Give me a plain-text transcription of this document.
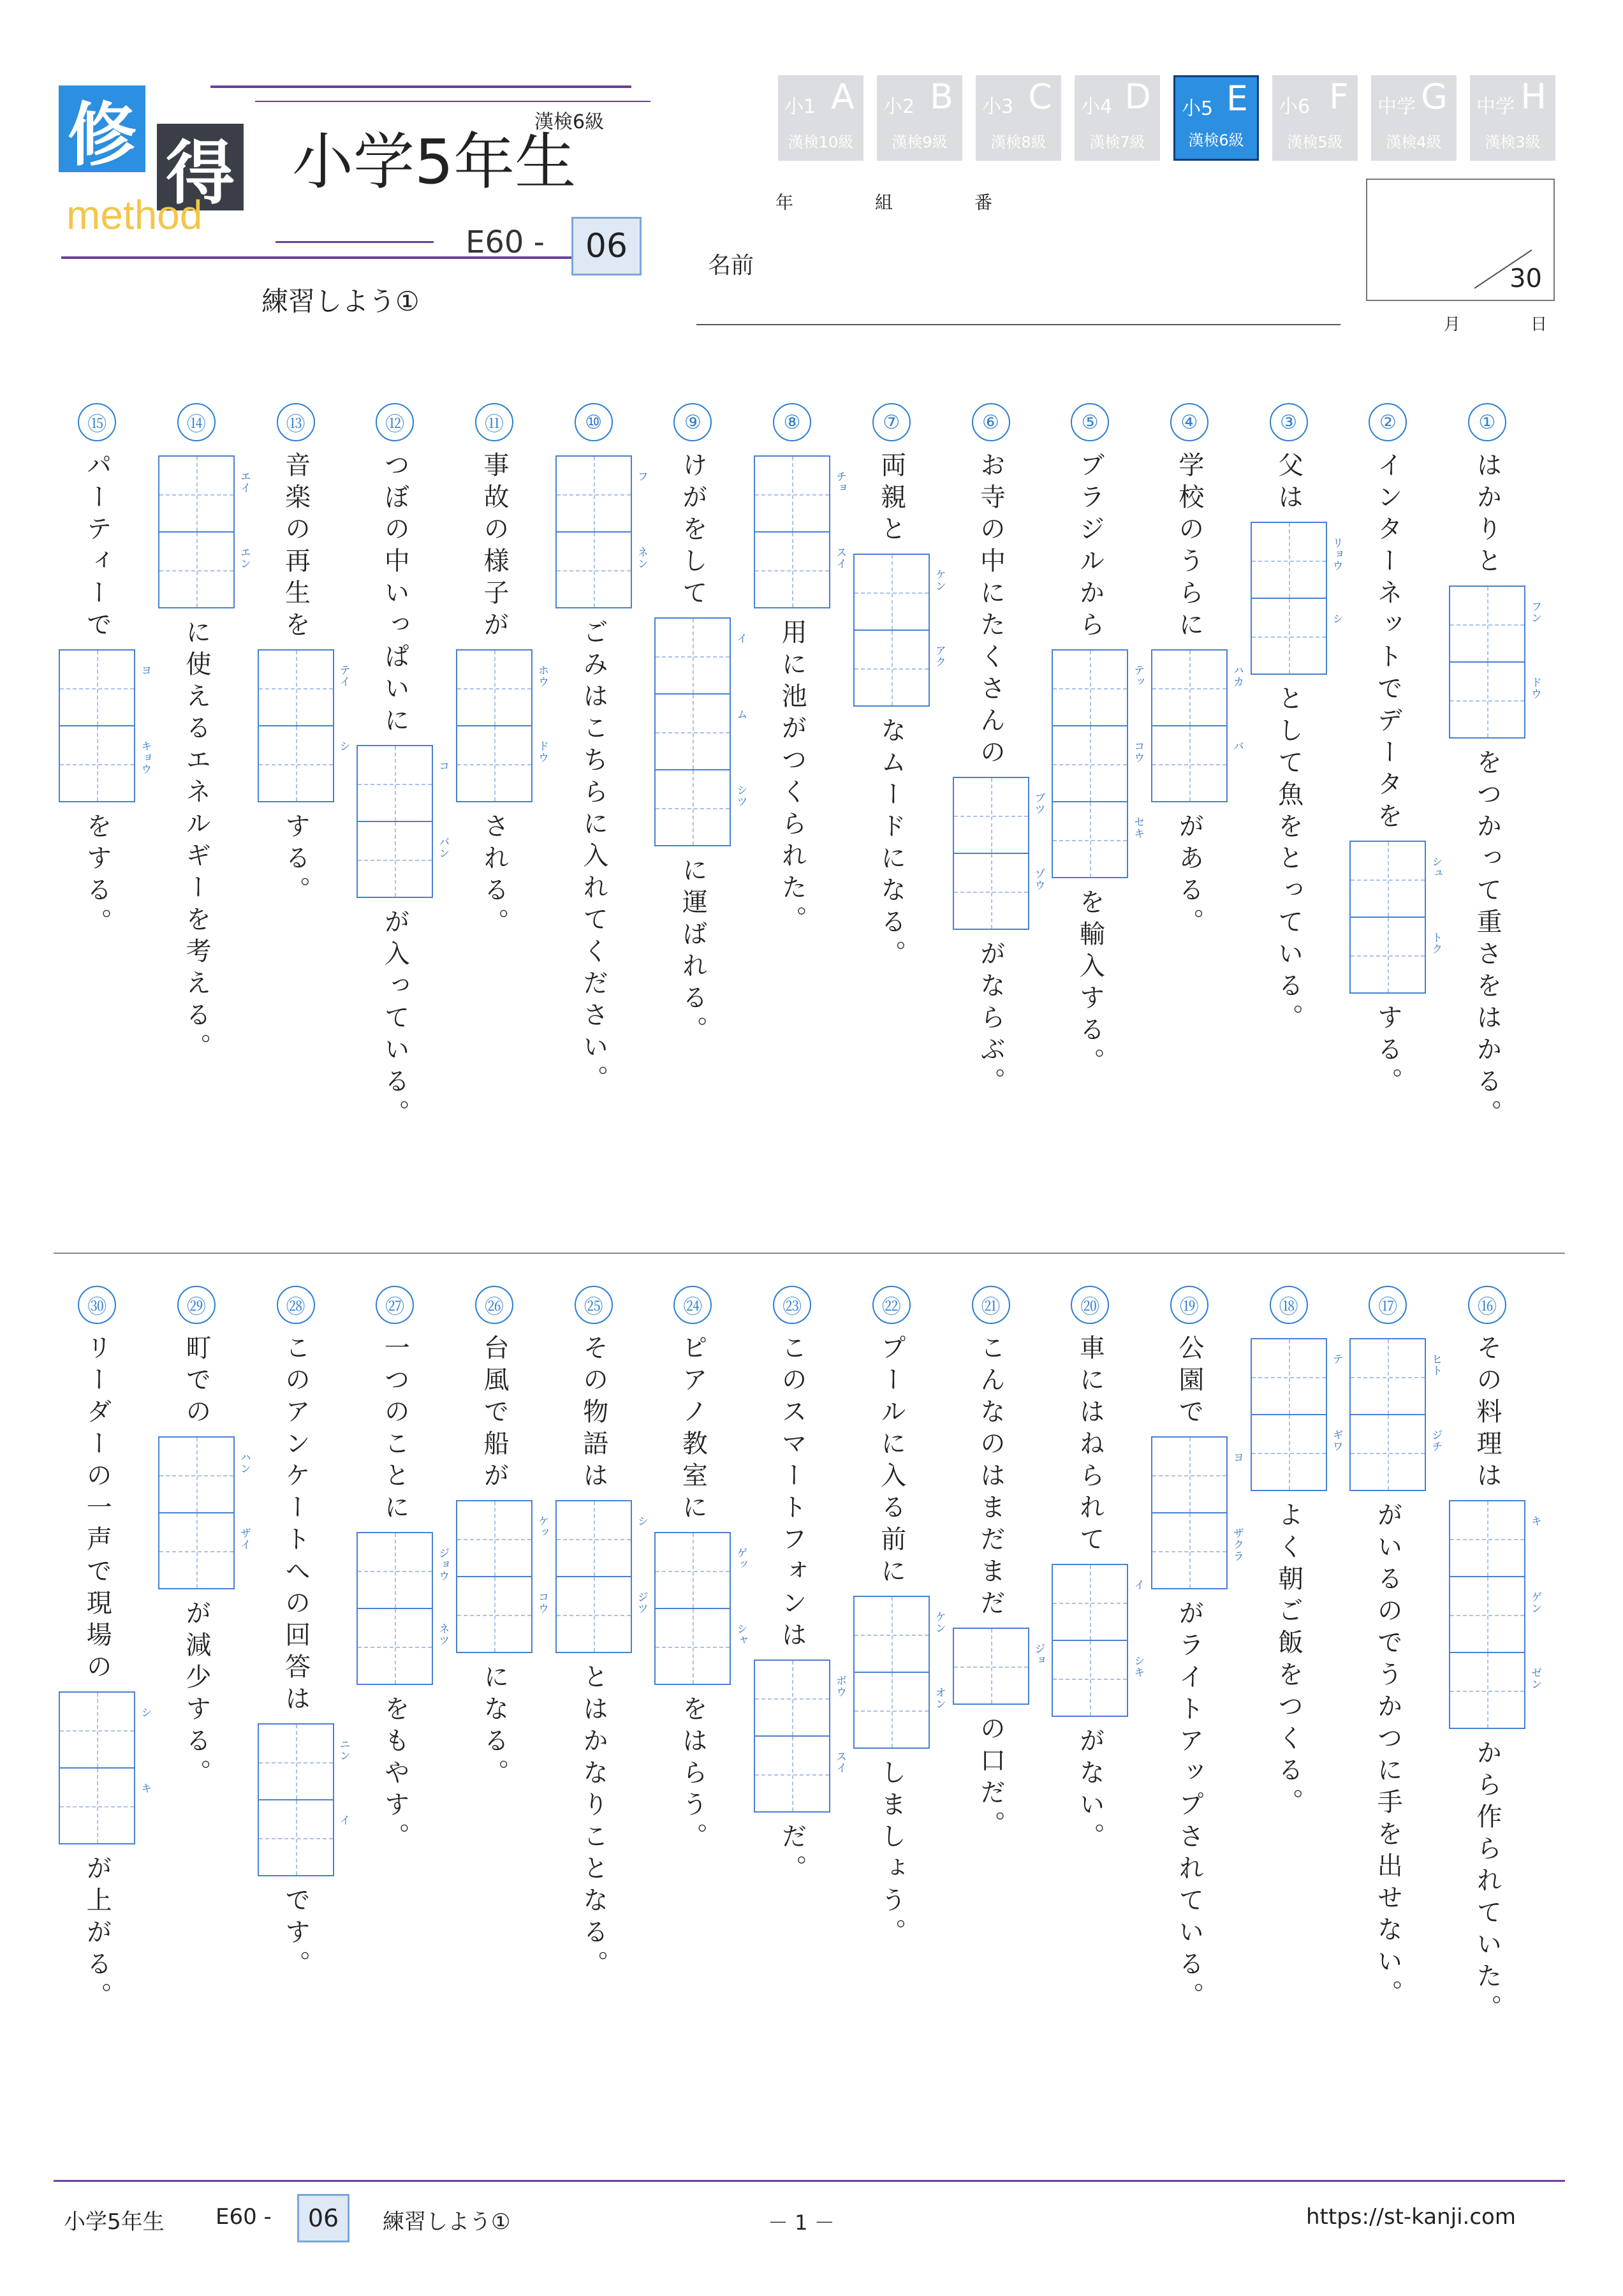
修 得
method
漢検6級
小学5年生
E60 -	06
練習しよう①
小1 A
漢検10級
小2 B
漢検9級
小3 C
漢検8級
小4 D
漢検7級
小5 E
漢検6級
小6 F
漢検5級
中学 G
漢検4級
中学 H
漢検3級
年	組	番
名前	30
月	日
①
はかりと
フン
ドウ
をつかって重さをはかる。
②
インターネットでデータを
シュ
トク
する。
③
父は
リョウ
シ
として魚をとっている。
④
学校のうらに
ハカ
バ
がある。
⑤
ブラジルから
テッ
コウ
セキ
を輸入する。
⑥
お寺の中にたくさんの
ブツ
ゾウ
がならぶ。
⑦
両親と
ケン
アク
なムードになる。
⑧
チョ
スイ
用に池がつくられた。
⑨
けがをして
イ
ム
シツ
に運ばれる。
⑩
フ
ネン
ごみはこちらに入れてください。
⑪
事故の様子が
ホウ
ドウ
される。
⑫
つぼの中いっぱいに
コ
バン
が入っている。
⑬
音楽の再生を
テイ
シ
する。
⑭
エイ
エン
に使えるエネルギーを考える。
⑮
パーティーで
ヨ
キョウ
をする。
⑯
その料理は
キ
ゲン
ゼン
から作られていた。
⑰
ヒト
ジチ
がいるのでうかつに手を出せない。
⑱
テ
ギワ
よく朝ご飯をつくる。
⑲
公園で
ヨ
ザクラ
がライトアップされている。
⑳
車にはねられて
イ
シキ
がない。
㉑
こんなのはまだまだ
ジョ
の口だ。
㉒
プールに入る前に
ケン
オン
しましょう。
㉓
このスマートフォンは
ボウ
スイ
だ。
㉔
ピアノ教室に
ゲッ
シャ
をはらう。
㉕
その物語は
シ
ジツ
とはかなりことなる。
㉖
台風で船が
ケッ
コウ
になる。
㉗
一つのことに
ジョウ
ネツ
をもやす。
㉘
このアンケートへの回答は
ニン
イ
です。
㉙
町での
ハン
ザイ
が減少する。
㉚
リーダーの一声で現場の
シ
キ
が上がる。
小学5年生 E60 -	06	練習しよう①	－ 1 －	https://st-kanji.com
